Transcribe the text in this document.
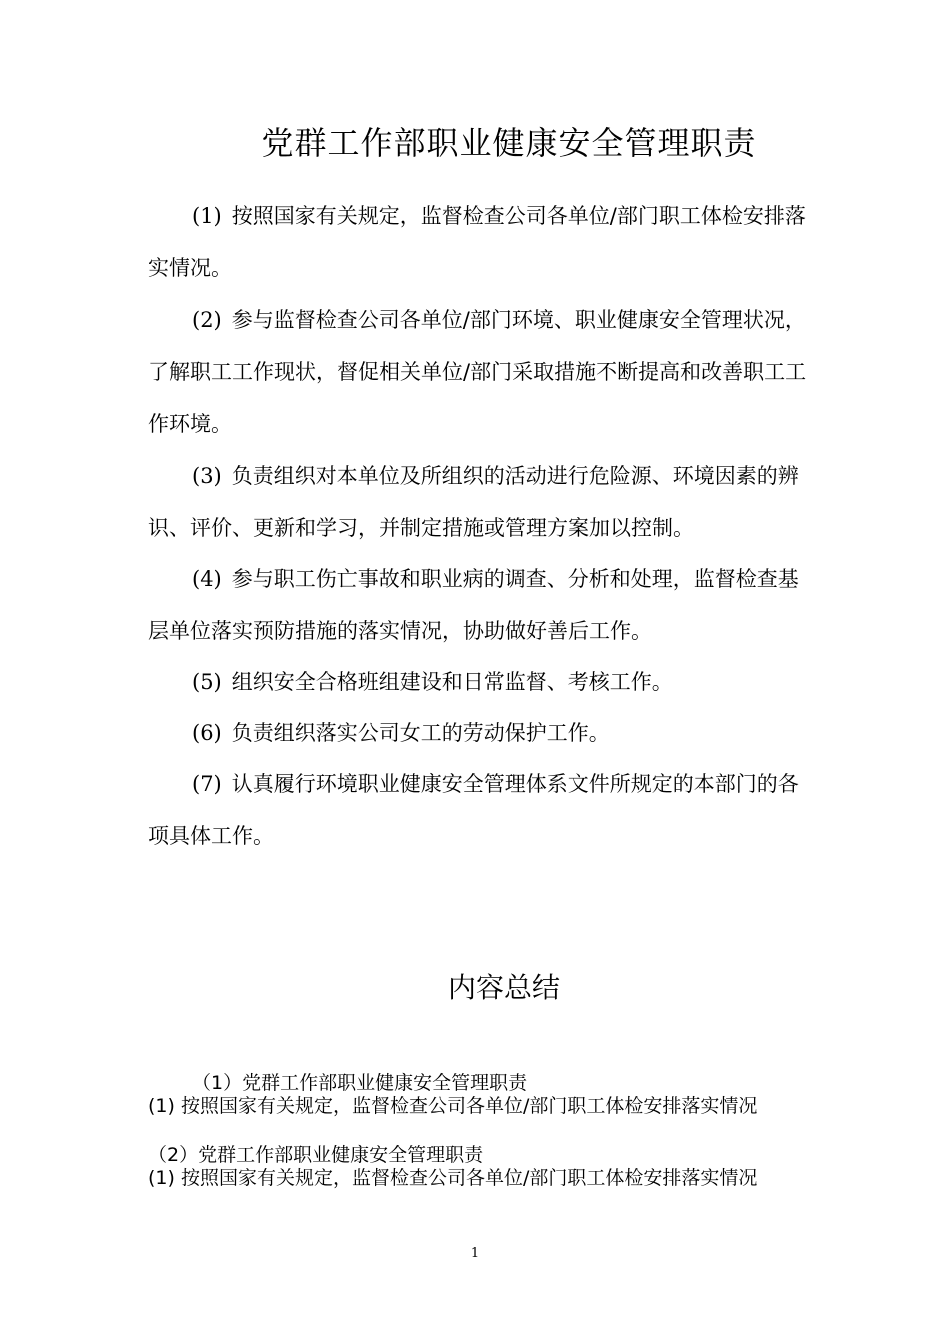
党群工作部职业健康安全管理职责
(1) 按照国家有关规定，监督检查公司各单位/部门职工体检安排落实情况。
(2) 参与监督检查公司各单位/部门环境、职业健康安全管理状况，了解职工工作现状，督促相关单位/部门采取措施不断提高和改善职工工作环境。
(3) 负责组织对本单位及所组织的活动进行危险源、环境因素的辨识、评价、更新和学习，并制定措施或管理方案加以控制。
(4) 参与职工伤亡事故和职业病的调查、分析和处理，监督检查基层单位落实预防措施的落实情况，协助做好善后工作。
(5) 组织安全合格班组建设和日常监督、考核工作。
(6) 负责组织落实公司女工的劳动保护工作。
(7) 认真履行环境职业健康安全管理体系文件所规定的本部门的各项具体工作。
内容总结
（1）党群工作部职业健康安全管理职责
(1) 按照国家有关规定，监督检查公司各单位/部门职工体检安排落实情况
（2）党群工作部职业健康安全管理职责
(1) 按照国家有关规定，监督检查公司各单位/部门职工体检安排落实情况
1
